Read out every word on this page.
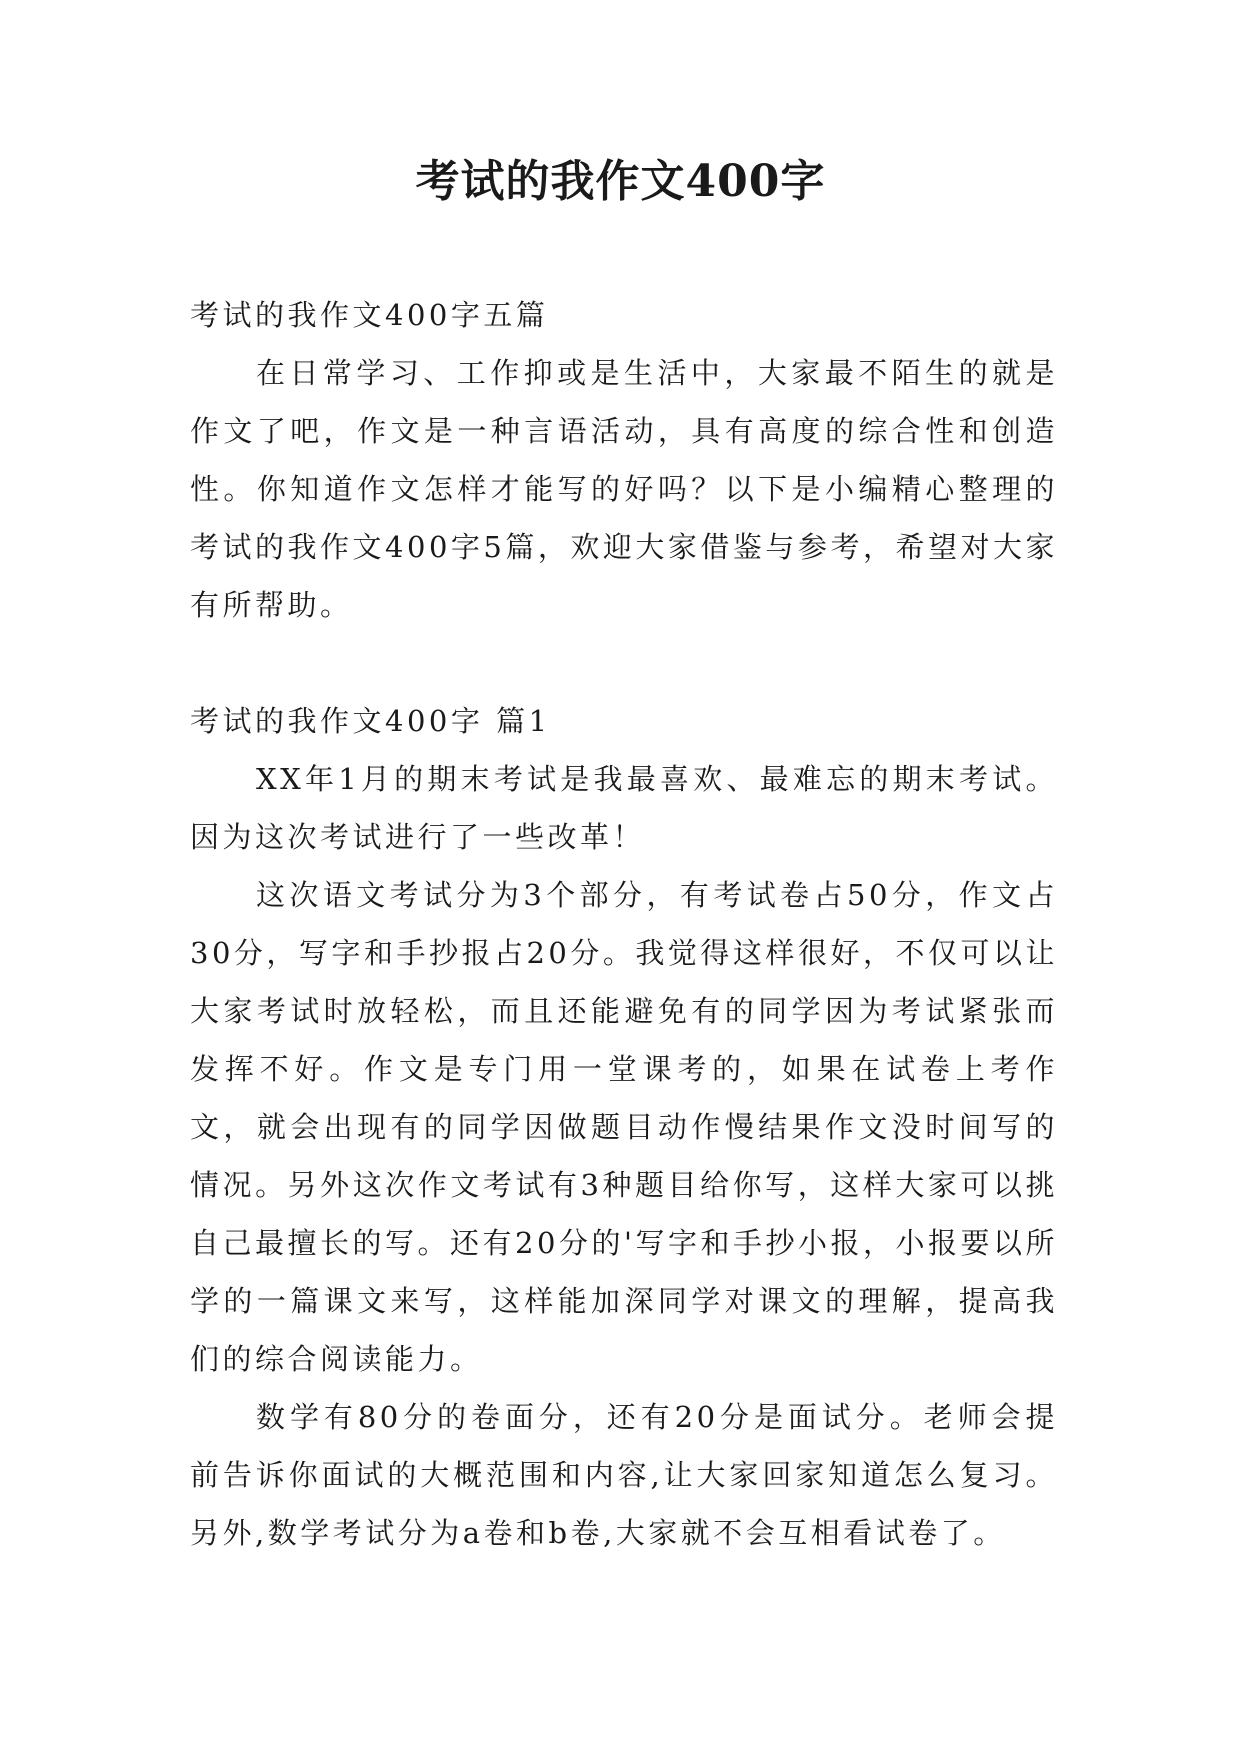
考试的我作文400字
考试的我作文400字五篇

在日常学习、工作抑或是生活中，大家最不陌生的就是作文了吧，作文是一种言语活动，具有高度的综合性和创造性。你知道作文怎样才能写的好吗？以下是小编精心整理的考试的我作文400字5篇，欢迎大家借鉴与参考，希望对大家有所帮助。

考试的我作文400字 篇1

XX年1月的期末考试是我最喜欢、最难忘的期末考试。因为这次考试进行了一些改革！

这次语文考试分为3个部分，有考试卷占50分，作文占30分，写字和手抄报占20分。我觉得这样很好，不仅可以让大家考试时放轻松，而且还能避免有的同学因为考试紧张而发挥不好。作文是专门用一堂课考的，如果在试卷上考作文，就会出现有的同学因做题目动作慢结果作文没时间写的情况。另外这次作文考试有3种题目给你写，这样大家可以挑自己最擅长的写。还有20分的'写字和手抄小报，小报要以所学的一篇课文来写，这样能加深同学对课文的理解，提高我们的综合阅读能力。

数学有80分的卷面分，还有20分是面试分。老师会提前告诉你面试的大概范围和内容,让大家回家知道怎么复习。另外,数学考试分为a卷和b卷,大家就不会互相看试卷了。
